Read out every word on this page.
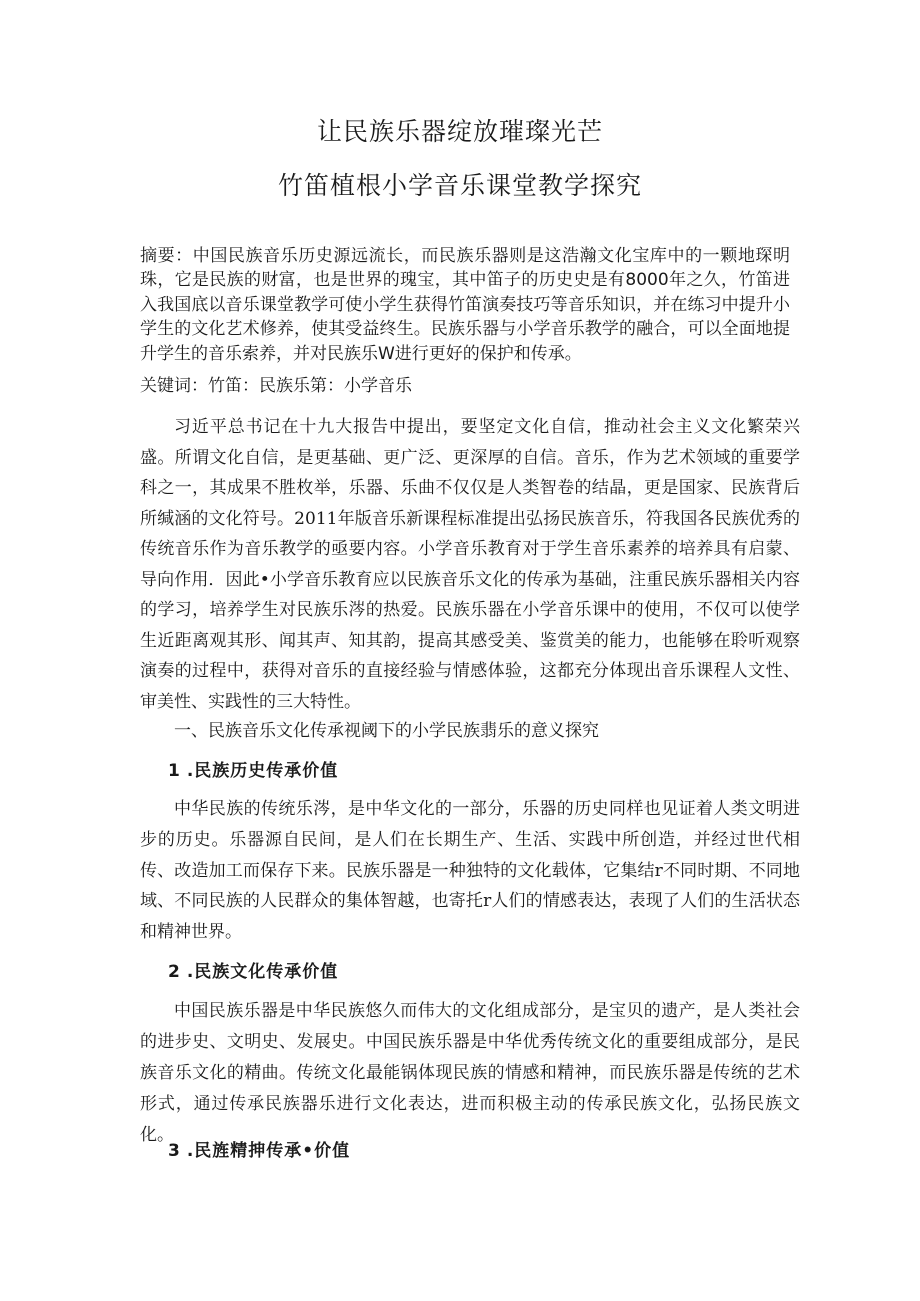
让民族乐器绽放璀璨光芒
竹笛植根小学音乐课堂教学探究

摘要：中国民族音乐历史源远流长，而民族乐器则是这浩瀚文化宝库中的一颗地琛明珠，它是民族的财富，也是世界的瑰宝，其中笛子的历史史是有8000年之久，竹笛进入我国底以音乐课堂教学可使小学生获得竹笛演奏技巧等音乐知识，并在练习中提升小学生的文化艺术修养，使其受益终生。民族乐器与小学音乐教学的融合，可以全面地提升学生的音乐索养，并对民族乐W进行更好的保护和传承。

关键词：竹笛：民族乐第：小学音乐

习近平总书记在十九大报告中提出，要坚定文化自信，推动社会主义文化繁荣兴盛。所谓文化自信，是更基础、更广泛、更深厚的自信。音乐，作为艺术领域的重要学科之一，其成果不胜枚举，乐器、乐曲不仅仅是人类智卷的结晶，更是国家、民族背后所缄涵的文化符号。2011年版音乐新课程标准提出弘扬民族音乐，符我国各民族优秀的传统音乐作为音乐教学的亟要内容。小学音乐教育对于学生音乐素养的培养具有启蒙、导向作用．因此•小学音乐教育应以民族音乐文化的传承为基础，注重民族乐器相关内容的学习，培养学生对民族乐涔的热爱。民族乐器在小学音乐课中的使用，不仅可以使学生近距离观其形、闻其声、知其韵，提高其感受美、鉴赏美的能力，也能够在聆听观察演奏的过程中，获得对音乐的直接经验与情感体验，这都充分体现出音乐课程人文性、审美性、实践性的三大特性。

一、民族音乐文化传承视阈下的小学民族翡乐的意义探究
1 .民族历史传承价值

中华民族的传统乐涔，是中华文化的一部分，乐器的历史同样也见证着人类文明进步的历史。乐器源自民间，是人们在长期生产、生活、实践中所创造，并经过世代相传、改造加工而保存下来。民族乐器是一种独特的文化载体，它集结r不同时期、不同地域、不同民族的人民群众的集体智越，也寄托r人们的情感表达，表现了人们的生活状态和精神世界。

2 .民族文化传承价值

中国民族乐器是中华民族悠久而伟大的文化组成部分，是宝贝的遗产，是人类社会的进步史、文明史、发展史。中国民族乐器是中华优秀传统文化的重要组成部分，是民族音乐文化的精曲。传统文化最能锅体现民族的情感和精神，而民族乐器是传统的艺术形式，通过传承民族器乐进行文化表达，进而积极主动的传承民族文化，弘扬民族文化。

3 .民旌精抻传承•价值
